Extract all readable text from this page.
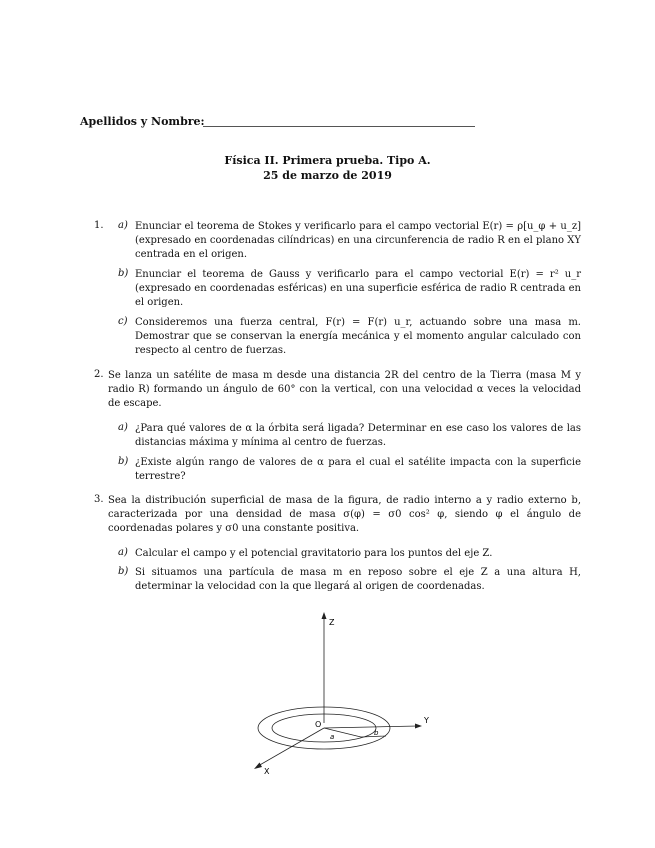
Apellidos y Nombre:
Física II. Primera prueba. Tipo A.
25 de marzo de 2019
1. a) Enunciar el teorema de Stokes y verificarlo para el campo vectorial E(r) = ρ[u_φ + u_z] (expresado en coordenadas cilíndricas) en una circunferencia de radio R en el plano XY centrada en el origen.
b) Enunciar el teorema de Gauss y verificarlo para el campo vectorial E(r) = r² u_r (expresado en coordenadas esféricas) en una superficie esférica de radio R centrada en el origen.
c) Consideremos una fuerza central, F(r) = F(r) u_r, actuando sobre una masa m. Demostrar que se conservan la energía mecánica y el momento angular calculado con respecto al centro de fuerzas.
2. Se lanza un satélite de masa m desde una distancia 2R del centro de la Tierra (masa M y radio R) formando un ángulo de 60° con la vertical, con una velocidad α veces la velocidad de escape.
a) ¿Para qué valores de α la órbita será ligada? Determinar en ese caso los valores de las distancias máxima y mínima al centro de fuerzas.
b) ¿Existe algún rango de valores de α para el cual el satélite impacta con la superficie terrestre?
3. Sea la distribución superficial de masa de la figura, de radio interno a y radio externo b, caracterizada por una densidad de masa σ(φ) = σ0 cos² φ, siendo φ el ángulo de coordenadas polares y σ0 una constante positiva.
a) Calcular el campo y el potencial gravitatorio para los puntos del eje Z.
b) Si situamos una partícula de masa m en reposo sobre el eje Z a una altura H, determinar la velocidad con la que llegará al origen de coordenadas.
Z
Y
X
O
a	b
